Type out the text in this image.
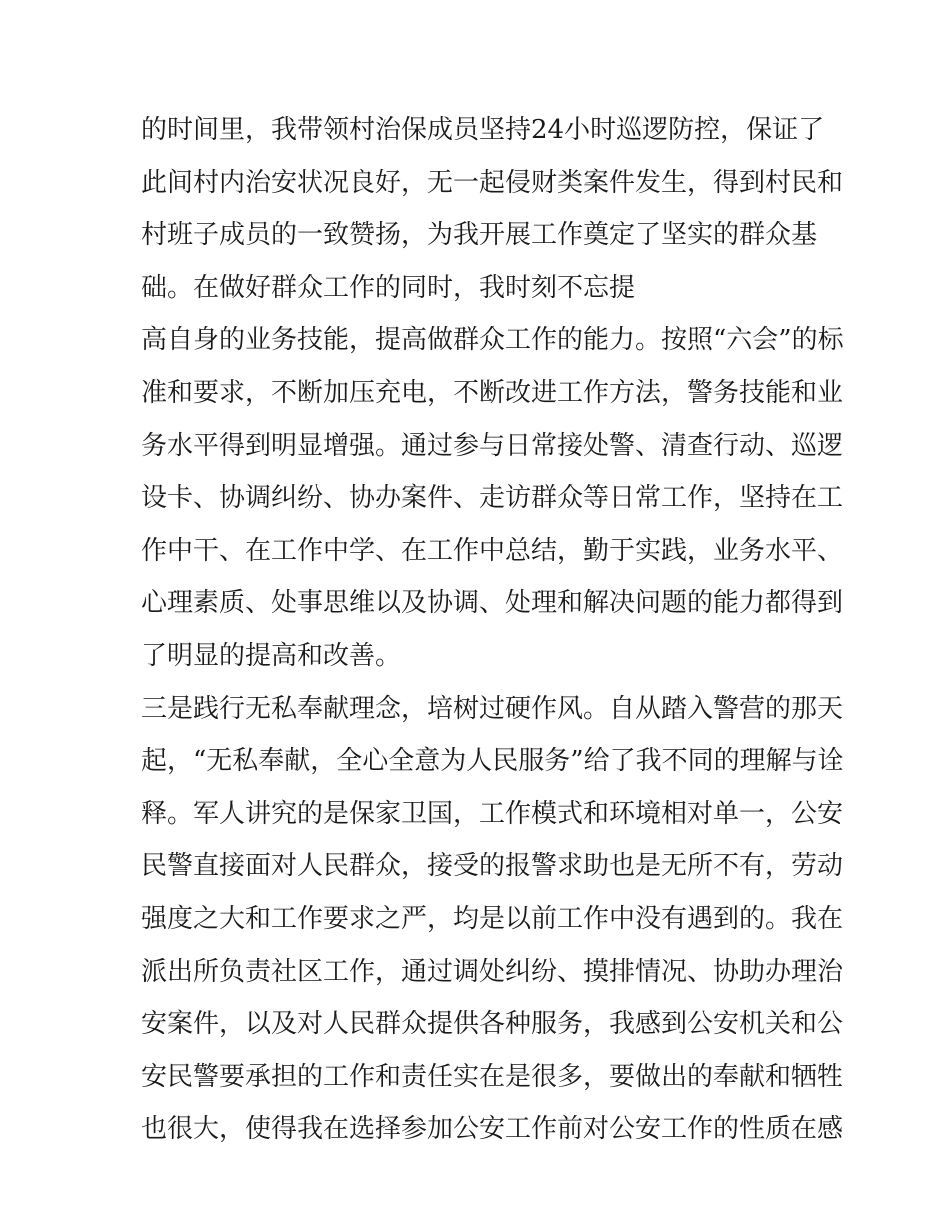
的时间里，我带领村治保成员坚持24小时巡逻防控，保证了
此间村内治安状况良好，无一起侵财类案件发生，得到村民和
村班子成员的一致赞扬，为我开展工作奠定了坚实的群众基
础。在做好群众工作的同时，我时刻不忘提
高自身的业务技能，提高做群众工作的能力。按照“六会”的标
准和要求，不断加压充电，不断改进工作方法，警务技能和业
务水平得到明显增强。通过参与日常接处警、清查行动、巡逻
设卡、协调纠纷、协办案件、走访群众等日常工作，坚持在工
作中干、在工作中学、在工作中总结，勤于实践，业务水平、
心理素质、处事思维以及协调、处理和解决问题的能力都得到
了明显的提高和改善。
三是践行无私奉献理念，培树过硬作风。自从踏入警营的那天
起，“无私奉献，全心全意为人民服务”给了我不同的理解与诠
释。军人讲究的是保家卫国，工作模式和环境相对单一，公安
民警直接面对人民群众，接受的报警求助也是无所不有，劳动
强度之大和工作要求之严，均是以前工作中没有遇到的。我在
派出所负责社区工作，通过调处纠纷、摸排情况、协助办理治
安案件，以及对人民群众提供各种服务，我感到公安机关和公
安民警要承担的工作和责任实在是很多，要做出的奉献和牺牲
也很大，使得我在选择参加公安工作前对公安工作的性质在感
